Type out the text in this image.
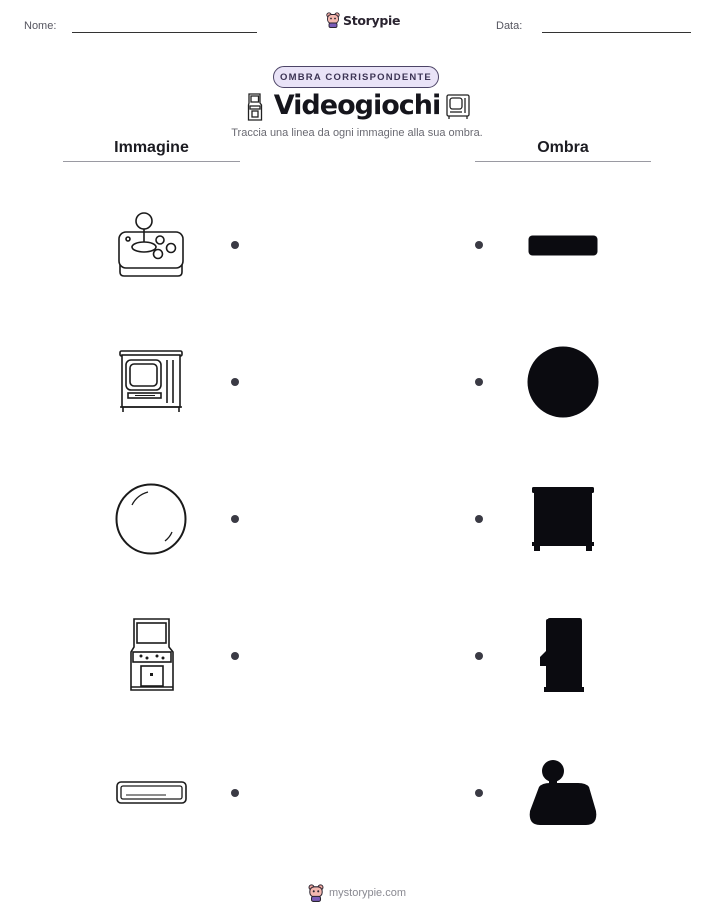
Nome:	Storypie	Data:
OMBRA CORRISPONDENTE
Videogiochi
Traccia una linea da ogni immagine alla sua ombra.
Immagine	Ombra
mystorypie.com
